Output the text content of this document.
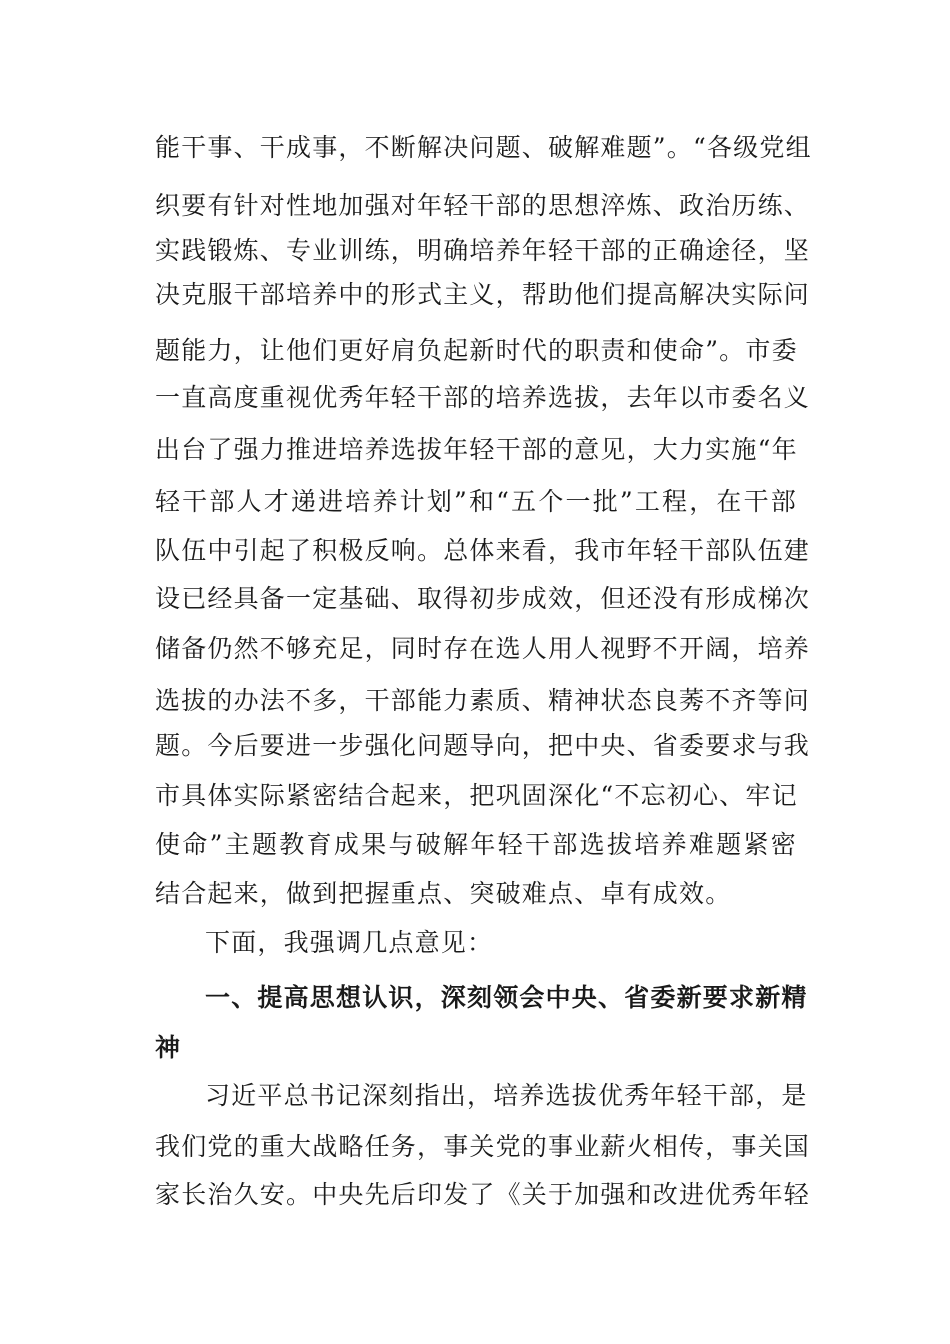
能干事、干成事，不断解决问题、破解难题”。“各级党组
织要有针对性地加强对年轻干部的思想淬炼、政治历练、
实践锻炼、专业训练，明确培养年轻干部的正确途径，坚
决克服干部培养中的形式主义，帮助他们提高解决实际问
题能力，让他们更好肩负起新时代的职责和使命”。市委
一直高度重视优秀年轻干部的培养选拔，去年以市委名义
出台了强力推进培养选拔年轻干部的意见，大力实施“年
轻干部人才递进培养计划”和“五个一批”工程，在干部
队伍中引起了积极反响。总体来看，我市年轻干部队伍建
设已经具备一定基础、取得初步成效，但还没有形成梯次
储备仍然不够充足，同时存在选人用人视野不开阔，培养
选拔的办法不多，干部能力素质、精神状态良莠不齐等问
题。今后要进一步强化问题导向，把中央、省委要求与我
市具体实际紧密结合起来，把巩固深化“不忘初心、牢记
使命”主题教育成果与破解年轻干部选拔培养难题紧密
结合起来，做到把握重点、突破难点、卓有成效。
下面，我强调几点意见：
一、提高思想认识，深刻领会中央、省委新要求新精
神
习近平总书记深刻指出，培养选拔优秀年轻干部，是
我们党的重大战略任务，事关党的事业薪火相传，事关国
家长治久安。中央先后印发了《关于加强和改进优秀年轻
